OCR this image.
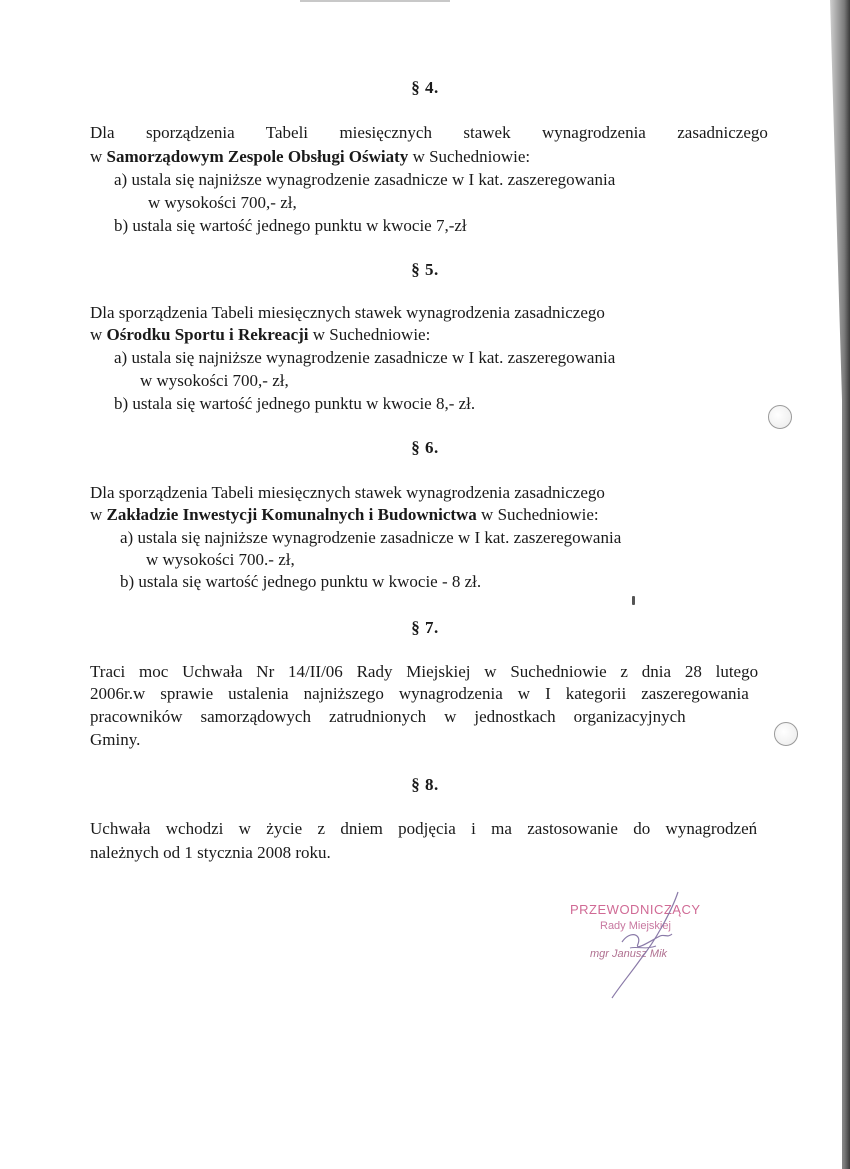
§ 4.
Dla sporządzenia Tabeli miesięcznych stawek wynagrodzenia zasadniczego
w Samorządowym Zespole Obsługi Oświaty w Suchedniowie:
a) ustala się najniższe wynagrodzenie zasadnicze w I kat. zaszeregowania
w wysokości 700,- zł,
b) ustala się wartość jednego punktu w kwocie 7,-zł
§ 5.
Dla sporządzenia Tabeli miesięcznych stawek wynagrodzenia zasadniczego
w Ośrodku Sportu i Rekreacji w Suchedniowie:
a) ustala się najniższe wynagrodzenie zasadnicze w I kat. zaszeregowania
w wysokości 700,- zł,
b) ustala się wartość jednego punktu w kwocie 8,- zł.
§ 6.
Dla sporządzenia Tabeli miesięcznych stawek wynagrodzenia zasadniczego
w Zakładzie Inwestycji Komunalnych i Budownictwa w Suchedniowie:
a) ustala się najniższe wynagrodzenie zasadnicze w I kat. zaszeregowania
w wysokości 700.- zł,
b) ustala się wartość jednego punktu w kwocie - 8 zł.
§ 7.
Traci moc Uchwała Nr 14/II/06 Rady Miejskiej w Suchedniowie z dnia 28 lutego
2006r.w sprawie ustalenia najniższego wynagrodzenia w I kategorii zaszeregowania
pracowników samorządowych zatrudnionych w jednostkach organizacyjnych
Gminy.
§ 8.
Uchwała wchodzi w życie z dniem podjęcia i ma zastosowanie do wynagrodzeń
należnych od 1 stycznia 2008 roku.
PRZEWODNICZĄCY
Rady Miejskiej
mgr Janusz Mik
